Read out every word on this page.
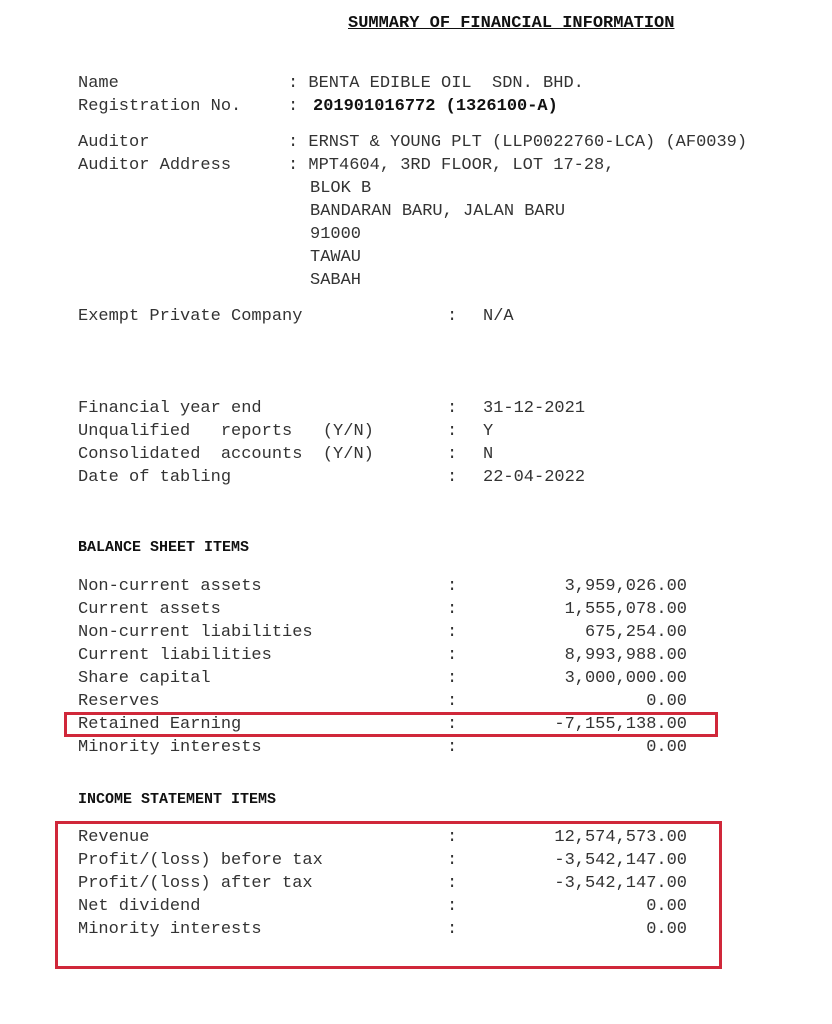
SUMMARY OF FINANCIAL INFORMATION
Name	: BENTA EDIBLE OIL  SDN. BHD.
Registration No.	: 201901016772 (1326100-A)
Auditor	: ERNST & YOUNG PLT (LLP0022760-LCA) (AF0039)
Auditor Address	: MPT4604, 3RD FLOOR, LOT 17-28,
BLOK B
BANDARAN BARU, JALAN BARU
91000
TAWAU
SABAH
Exempt Private Company	: N/A
Financial year end	: 31-12-2021
Unqualified   reports   (Y/N)	: Y
Consolidated  accounts  (Y/N)	: N
Date of tabling	: 22-04-2022
BALANCE SHEET ITEMS
Non-current assets	:	3,959,026.00
Current assets	:	1,555,078.00
Non-current liabilities	:	675,254.00
Current liabilities	:	8,993,988.00
Share capital	:	3,000,000.00
Reserves	:	0.00
Retained Earning	:	-7,155,138.00
Minority interests	:	0.00
INCOME STATEMENT ITEMS
Revenue	:	12,574,573.00
Profit/(loss) before tax	:	-3,542,147.00
Profit/(loss) after tax	:	-3,542,147.00
Net dividend	:	0.00
Minority interests	:	0.00
